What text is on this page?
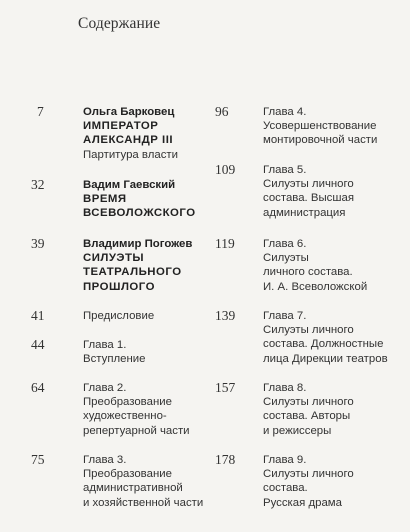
Содержание
7	Ольга Барковец
ИМПЕРАТОР
АЛЕКСАНДР III
Партитура власти
32	Вадим Гаевский
ВРЕМЯ
ВСЕВОЛОЖСКОГО
39	Владимир Погожев
СИЛУЭТЫ
ТЕАТРАЛЬНОГО
ПРОШЛОГО
41	Предисловие
44	Глава 1.
Вступление
64	Глава 2.
Преобразование
художественно-
репертуарной части
75	Глава 3.
Преобразование
административной
и хозяйственной части
96	Глава 4.
Усовершенствование
монтировочной части
109 Глава 5.
Силуэты личного
состава. Высшая
администрация
119 Глава 6.
Силуэты
личного состава.
И. А. Всеволожской
139 Глава 7.
Силуэты личного
состава. Должностные
лица Дирекции театров
157 Глава 8.
Силуэты личного
состава. Авторы
и режиссеры
178 Глава 9.
Силуэты личного
состава.
Русская драма
